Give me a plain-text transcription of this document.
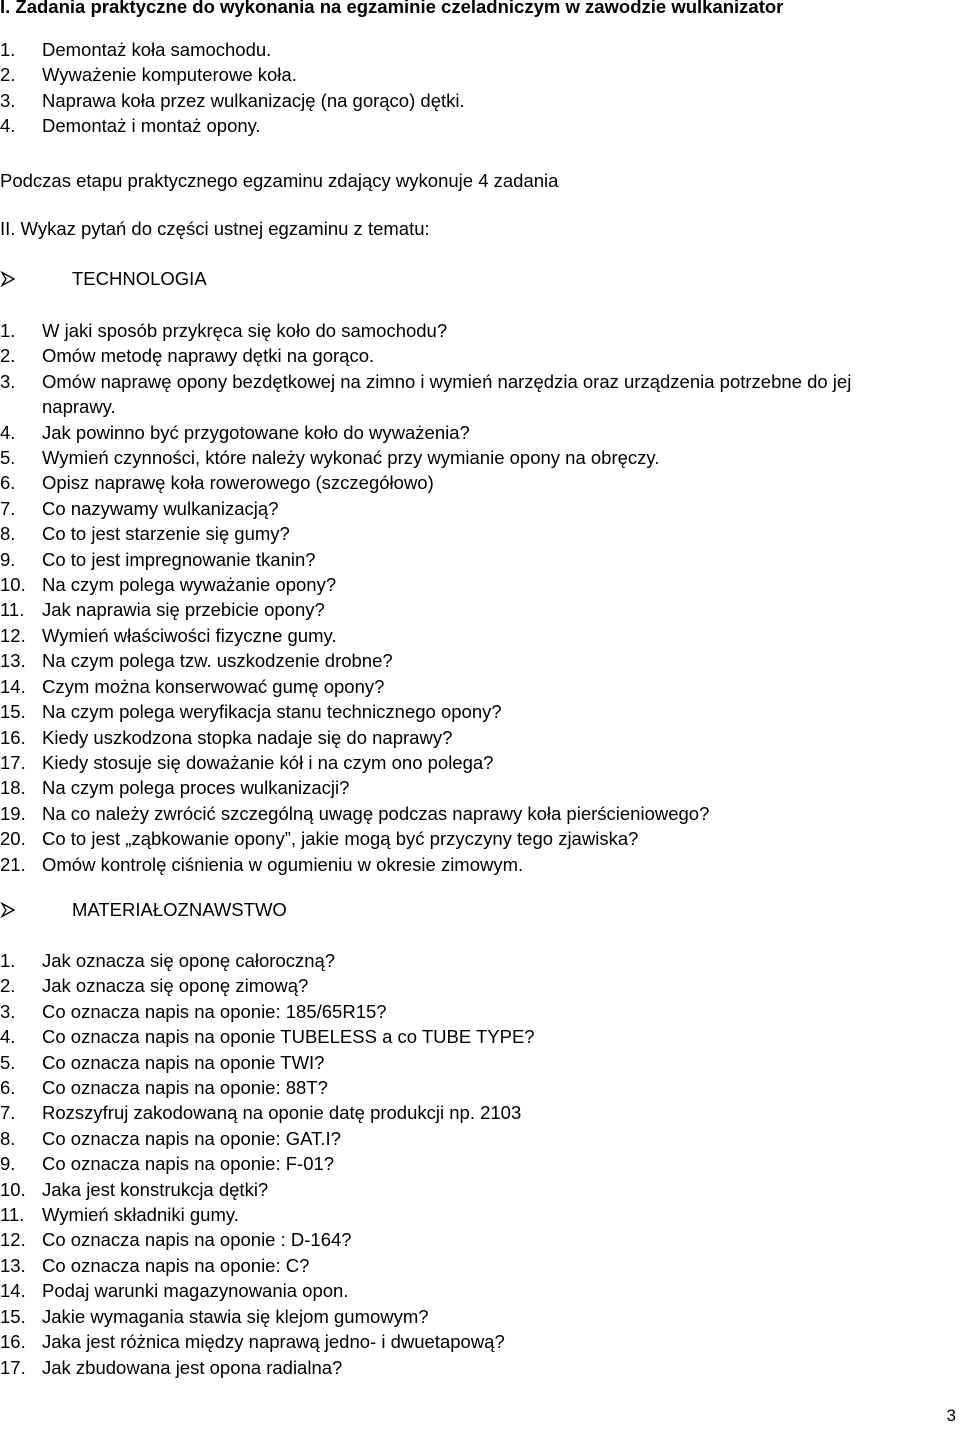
I. Zadania praktyczne do wykonania na egzaminie czeladniczym w zawodzie wulkanizator
1. Demontaż koła samochodu.
2. Wyważenie komputerowe koła.
3. Naprawa koła przez wulkanizację (na gorąco) dętki.
4. Demontaż i montaż opony.
Podczas etapu praktycznego egzaminu zdający wykonuje 4 zadania
II. Wykaz pytań do części ustnej egzaminu z tematu:
TECHNOLOGIA
1. W jaki sposób przykręca się koło do samochodu?
2. Omów metodę naprawy dętki na gorąco.
3. Omów naprawę opony bezdętkowej na zimno i wymień narzędzia oraz urządzenia potrzebne do jej naprawy.
4. Jak powinno być przygotowane koło do wyważenia?
5. Wymień czynności, które należy wykonać przy wymianie opony na obręczy.
6. Opisz naprawę koła rowerowego (szczegółowo)
7. Co nazywamy wulkanizacją?
8. Co to jest starzenie się gumy?
9. Co to jest impregnowanie tkanin?
10. Na czym polega wyważanie opony?
11. Jak naprawia się przebicie opony?
12. Wymień właściwości fizyczne gumy.
13. Na czym polega tzw. uszkodzenie drobne?
14. Czym można konserwować gumę opony?
15. Na czym polega weryfikacja stanu technicznego opony?
16. Kiedy uszkodzona stopka nadaje się do naprawy?
17. Kiedy stosuje się doważanie kół i na czym ono polega?
18. Na czym polega proces wulkanizacji?
19. Na co należy zwrócić szczególną uwagę podczas naprawy koła pierścieniowego?
20. Co to jest „ząbkowanie opony”, jakie mogą być przyczyny tego zjawiska?
21. Omów kontrolę ciśnienia w ogumieniu w okresie zimowym.
MATERIAŁOZNAWSTWO
1. Jak oznacza się oponę całoroczną?
2. Jak oznacza się oponę zimową?
3. Co oznacza napis na oponie: 185/65R15?
4. Co oznacza napis na oponie TUBELESS a co TUBE TYPE?
5. Co oznacza napis na oponie TWI?
6. Co oznacza napis na oponie: 88T?
7. Rozszyfruj zakodowaną na oponie datę produkcji np. 2103
8. Co oznacza napis na oponie: GAT.I?
9. Co oznacza napis na oponie: F-01?
10. Jaka jest konstrukcja dętki?
11. Wymień składniki gumy.
12. Co oznacza napis na oponie : D-164?
13. Co oznacza napis na oponie: C?
14. Podaj warunki magazynowania opon.
15. Jakie wymagania stawia się klejom gumowym?
16. Jaka jest różnica między naprawą jedno- i dwuetapową?
17. Jak zbudowana jest opona radialna?
3
